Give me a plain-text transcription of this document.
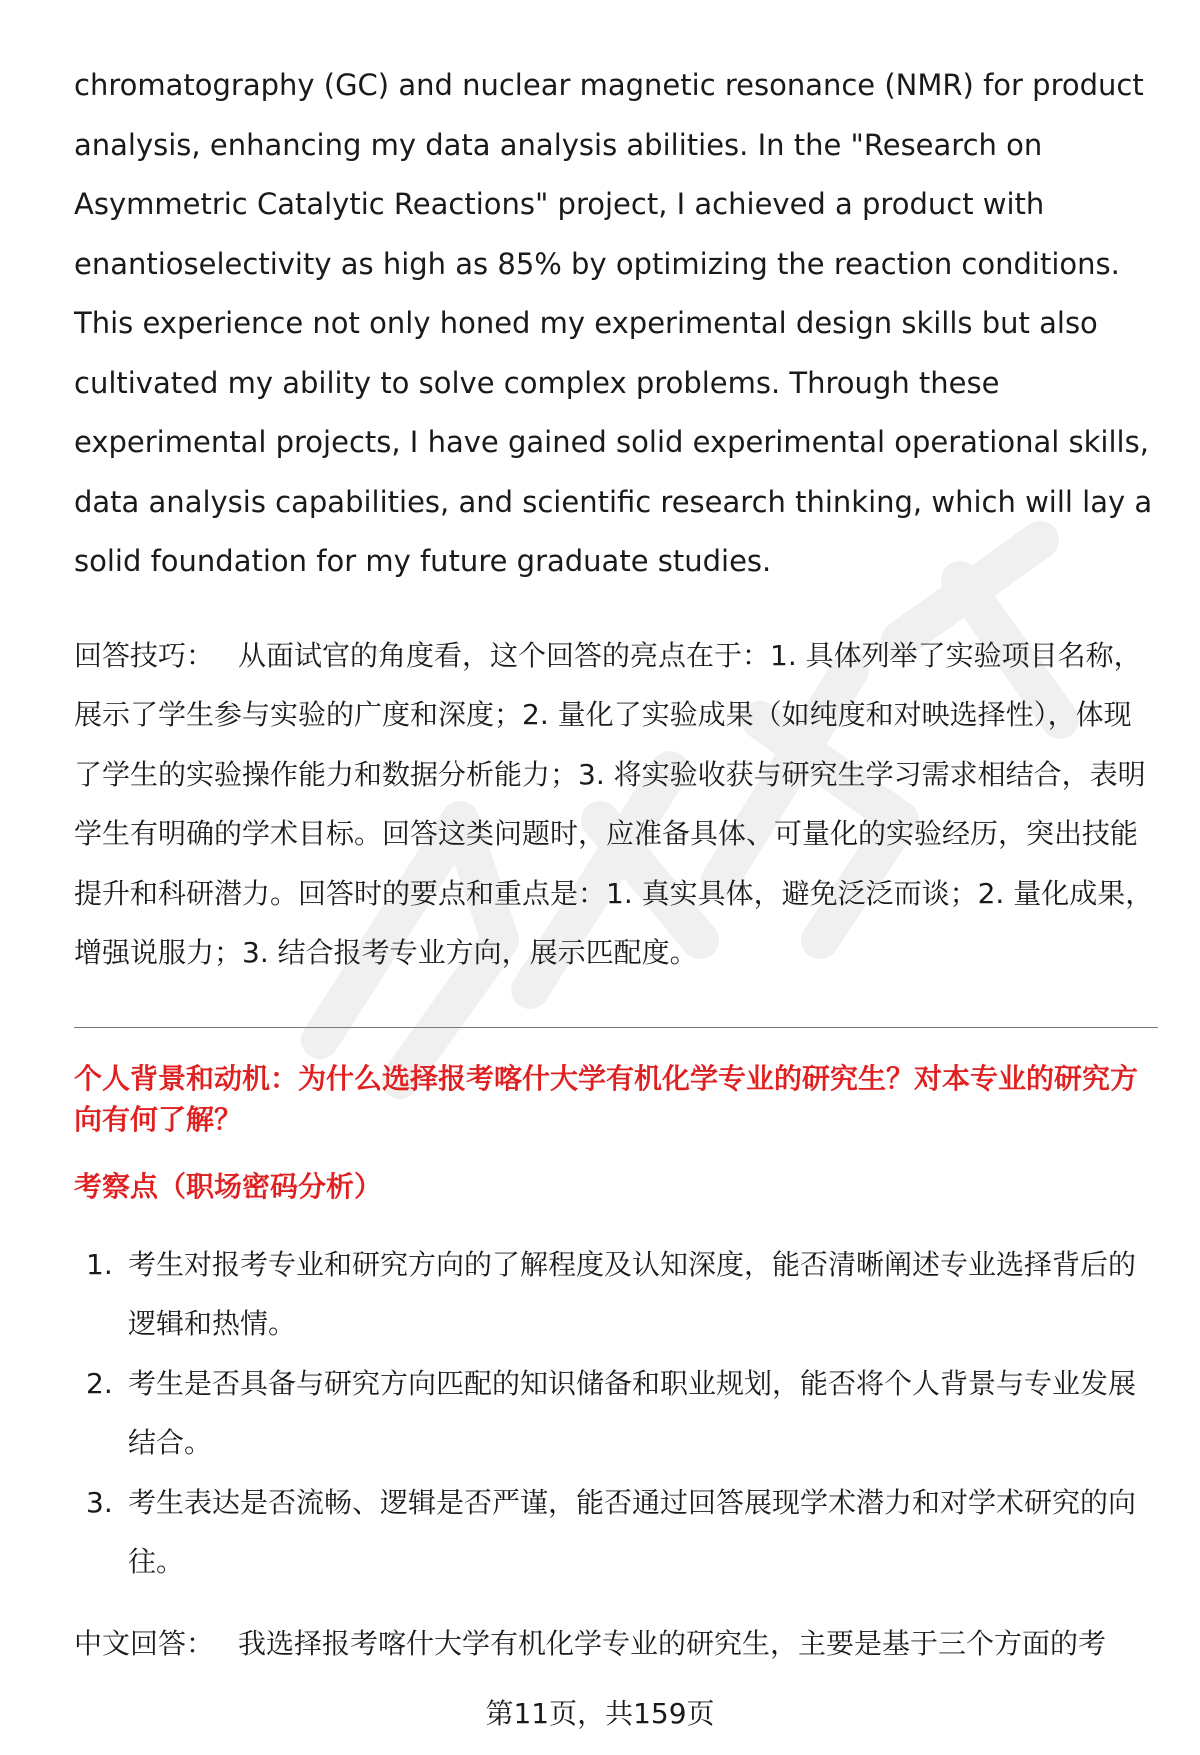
chromatography (GC) and nuclear magnetic resonance (NMR) for product analysis, enhancing my data analysis abilities. In the "Research on Asymmetric Catalytic Reactions" project, I achieved a product with enantioselectivity as high as 85% by optimizing the reaction conditions. This experience not only honed my experimental design skills but also cultivated my ability to solve complex problems. Through these experimental projects, I have gained solid experimental operational skills, data analysis capabilities, and scientific research thinking, which will lay a solid foundation for my future graduate studies.

回答技巧： 从面试官的角度看，这个回答的亮点在于：1. 具体列举了实验项目名称，展示了学生参与实验的广度和深度；2. 量化了实验成果（如纯度和对映选择性），体现了学生的实验操作能力和数据分析能力；3. 将实验收获与研究生学习需求相结合，表明学生有明确的学术目标。回答这类问题时，应准备具体、可量化的实验经历，突出技能提升和科研潜力。回答时的要点和重点是：1. 真实具体，避免泛泛而谈；2. 量化成果，增强说服力；3. 结合报考专业方向，展示匹配度。

个人背景和动机：为什么选择报考喀什大学有机化学专业的研究生？对本专业的研究方向有何了解？

考察点（职场密码分析）

1. 考生对报考专业和研究方向的了解程度及认知深度，能否清晰阐述专业选择背后的逻辑和热情。
2. 考生是否具备与研究方向匹配的知识储备和职业规划，能否将个人背景与专业发展结合。
3. 考生表达是否流畅、逻辑是否严谨，能否通过回答展现学术潜力和对学术研究的向往。

中文回答： 我选择报考喀什大学有机化学专业的研究生，主要是基于三个方面的考

第11页，共159页
